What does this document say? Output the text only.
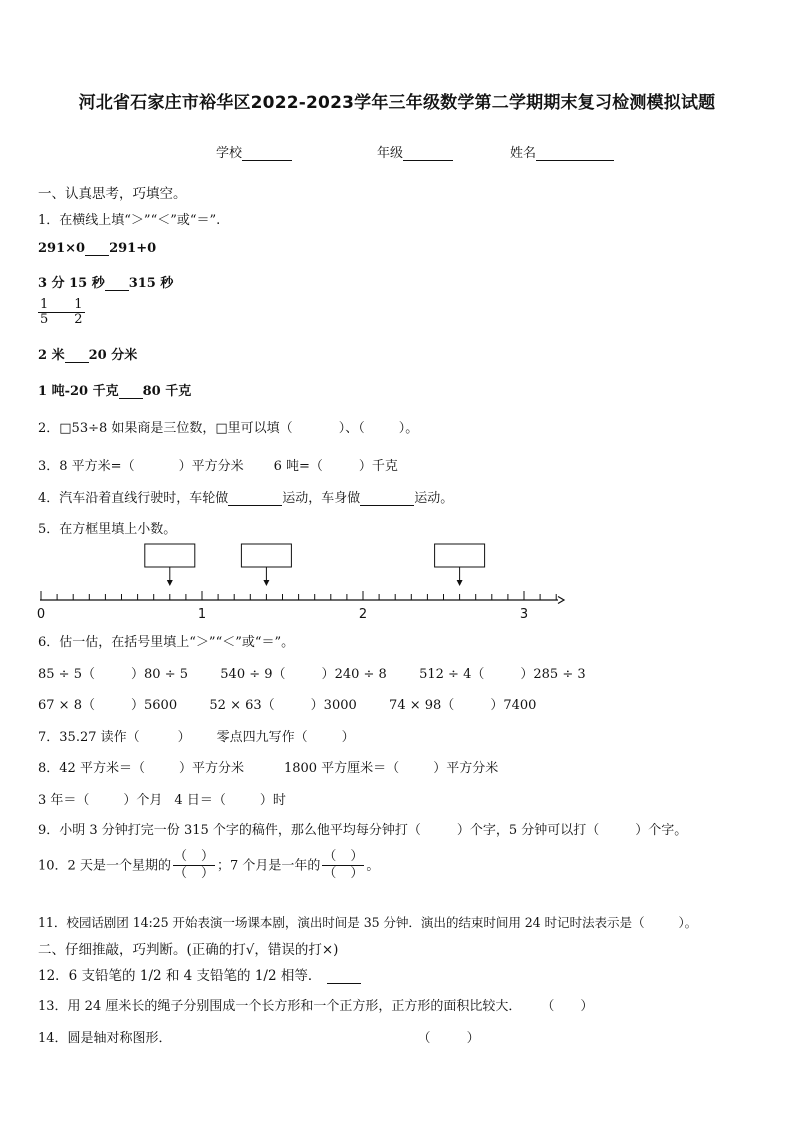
河北省石家庄市裕华区2022-2023学年三年级数学第二学期期末复习检测模拟试题
学校	年级	姓名
一、认真思考，巧填空。
1．在横线上填“＞”“＜”或“＝”.
291×0 291+0
3 分 15 秒 315 秒
$\frac{1}{5} \frac{1}{2}$
2 米 20 分米
1 吨-20 千克 80 千克
2．□53÷8 如果商是三位数，□里可以填（	）、（	）。
3．8 平方米=（	）平方分米 6 吨=（	）千克
4．汽车沿着直线行驶时，车轮做	运动，车身做	运动。
5．在方框里填上小数。
0	1	2	3
6．估一估，在括号里填上“＞”“＜”或“＝”。
85 ÷ 5（	）80 ÷ 5 540 ÷ 9（	）240 ÷ 8 512 ÷ 4（	）285 ÷ 3
67 × 8（	）5600 52 × 63（	）3000 74 × 98（	）7400
7．35.27 读作（	） 零点四九写作（	）
8．42 平方米＝（	）平方分米	1800 平方厘米＝（	）平方分米
3 年＝（	）个月 4 日＝（	）时
9．小明 3 分钟打完一份 315 个字的稿件，那么他平均每分钟打（	）个字，5 分钟可以打（	）个字。
10．2 天是一个星期的 $\frac{( )}{( )}$ ；7 个月是一年的 $\frac{( )}{( )}$ 。
11．校园话剧团 14:25 开始表演一场课本剧，演出时间是 35 分钟．演出的结束时间用 24 时记时法表示是（	）。
二、仔细推敲，巧判断。(正确的打√，错误的打×)
12．6 支铅笔的 1/2 和 4 支铅笔的 1/2 相等．
13．用 24 厘米长的绳子分别围成一个长方形和一个正方形，正方形的面积比较大． （ ）
14．圆是轴对称图形．	（	）
